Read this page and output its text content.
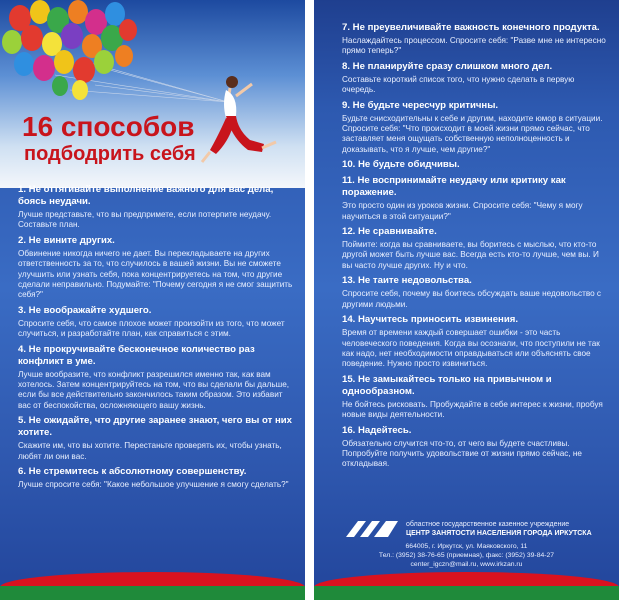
16 способов
подбодрить себя
1. Не оттягивайте выполнение важного для вас дела, боясь неудачи.
Лучше представьте, что вы предпримете, если потерпите неудачу. Составьте план.
2. Не вините других.
Обвинение никогда ничего не дает. Вы перекладываете на других ответственность за то, что случилось в вашей жизни. Вы не сможете улучшить или узнать себя, пока концентрируетесь на том, что другие сделали неправильно. Подумайте: "Почему сегодня я не смог защитить себя?"
3. Не воображайте худшего.
Спросите себя, что самое плохое может произойти из того, что может случиться, и разработайте план, как справиться с этим.
4. Не прокручивайте бесконечное количество раз конфликт в уме.
Лучше вообразите, что конфликт разрешился именно так, как вам хотелось. Затем концентрируйтесь на том, что вы сделали бы дальше, если бы все действительно закончилось таким образом. Это избавит вас от беспокойства, осложняющего вашу жизнь.
5. Не ожидайте, что другие заранее знают, чего вы от них хотите.
Скажите им, что вы хотите. Перестаньте проверять их, чтобы узнать, любят ли они вас.
6. Не стремитесь к абсолютному совершенству.
Лучше спросите себя: "Какое небольшое улучшение я смогу сделать?"
7. Не преувеличивайте важность конечного продукта.
Наслаждайтесь процессом. Спросите себя: "Разве мне не интересно прямо теперь?"
8. Не планируйте сразу слишком много дел.
Составьте короткий список того, что нужно сделать в первую очередь.
9. Не будьте чересчур критичны.
Будьте снисходительны к себе и другим, находите юмор в ситуации. Спросите себя: "Что происходит в моей жизни прямо сейчас, что заставляет меня ощущать собственную неполноценность и доказывать, что я лучше, чем другие?"
10. Не будьте обидчивы.
11. Не воспринимайте неудачу или критику как поражение.
Это просто один из уроков жизни. Спросите себя: "Чему я могу научиться в этой ситуации?"
12. Не сравнивайте.
Поймите: когда вы сравниваете, вы боритесь с мыслью, что кто-то другой может быть лучше вас. Всегда есть кто-то лучше, чем вы. И вы часто лучше других. Ну и что.
13. Не таите недовольства.
Спросите себя, почему вы боитесь обсуждать ваше недовольство с другими людьми.
14. Научитесь приносить извинения.
Время от времени каждый совершает ошибки - это часть человеческого поведения. Когда вы осознали, что поступили не так как надо, нет необходимости оправдываться или объяснять свое поведение. Нужно просто извиниться.
15. Не замыкайтесь только на привычном и однообразном.
Не бойтесь рисковать. Пробуждайте в себе интерес к жизни, пробуя новые виды деятельности.
16. Надейтесь.
Обязательно случится что-то, от чего вы будете счастливы. Попробуйте получить удовольствие от жизни прямо сейчас, не откладывая.
областное государственное казенное учреждение
ЦЕНТР ЗАНЯТОСТИ НАСЕЛЕНИЯ ГОРОДА ИРКУТСКА
664005, г. Иркутск, ул. Маяковского, 11
Тел.: (3952) 38-76-65 (приемная), факс: (3952) 39-84-27
center_igczn@mail.ru, www.irkzan.ru
